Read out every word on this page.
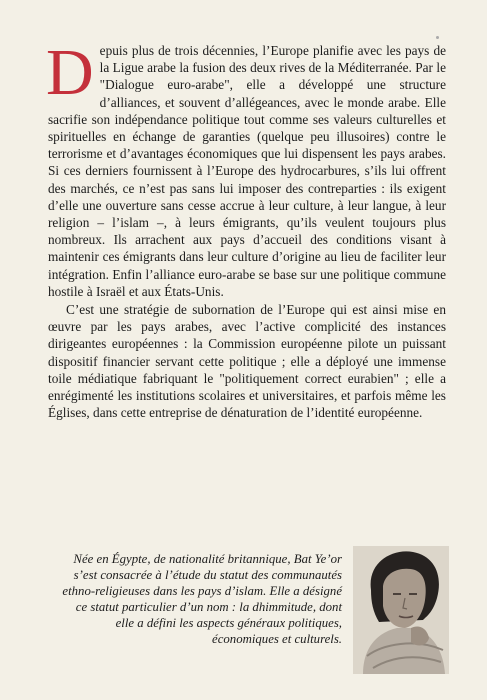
Depuis plus de trois décennies, l’Europe planifie avec les pays de la Ligue arabe la fusion des deux rives de la Méditerranée. Par le "Dialogue euro-arabe", elle a développé une structure d’alliances, et souvent d’allégeances, avec le monde arabe. Elle sacrifie son indépendance politique tout comme ses valeurs culturelles et spirituelles en échange de garanties (quelque peu illusoires) contre le terrorisme et d’avantages économiques que lui dispensent les pays arabes. Si ces derniers fournissent à l’Europe des hydrocarbures, s’ils lui offrent des marchés, ce n’est pas sans lui imposer des contreparties : ils exigent d’elle une ouverture sans cesse accrue à leur culture, à leur langue, à leur religion – l’islam –, à leurs émigrants, qu’ils veulent toujours plus nombreux. Ils arrachent aux pays d’accueil des conditions visant à maintenir ces émigrants dans leur culture d’origine au lieu de faciliter leur intégration. Enfin l’alliance euro-arabe se base sur une politique commune hostile à Israël et aux États-Unis.

C’est une stratégie de subornation de l’Europe qui est ainsi mise en œuvre par les pays arabes, avec l’active complicité des instances dirigeantes européennes : la Commission européenne pilote un puissant dispositif financier servant cette politique ; elle a déployé une immense toile médiatique fabriquant le "politiquement correct eurabien" ; elle a enrégimenté les institutions scolaires et universitaires, et parfois même les Églises, dans cette entreprise de dénaturation de l’identité européenne.

Née en Égypte, de nationalité britannique, Bat Ye’or s’est consacrée à l’étude du statut des communautés ethno-religieuses dans les pays d’islam. Elle a désigné ce statut particulier d’un nom : la dhimmitude, dont elle a défini les aspects généraux politiques, économiques et culturels.
